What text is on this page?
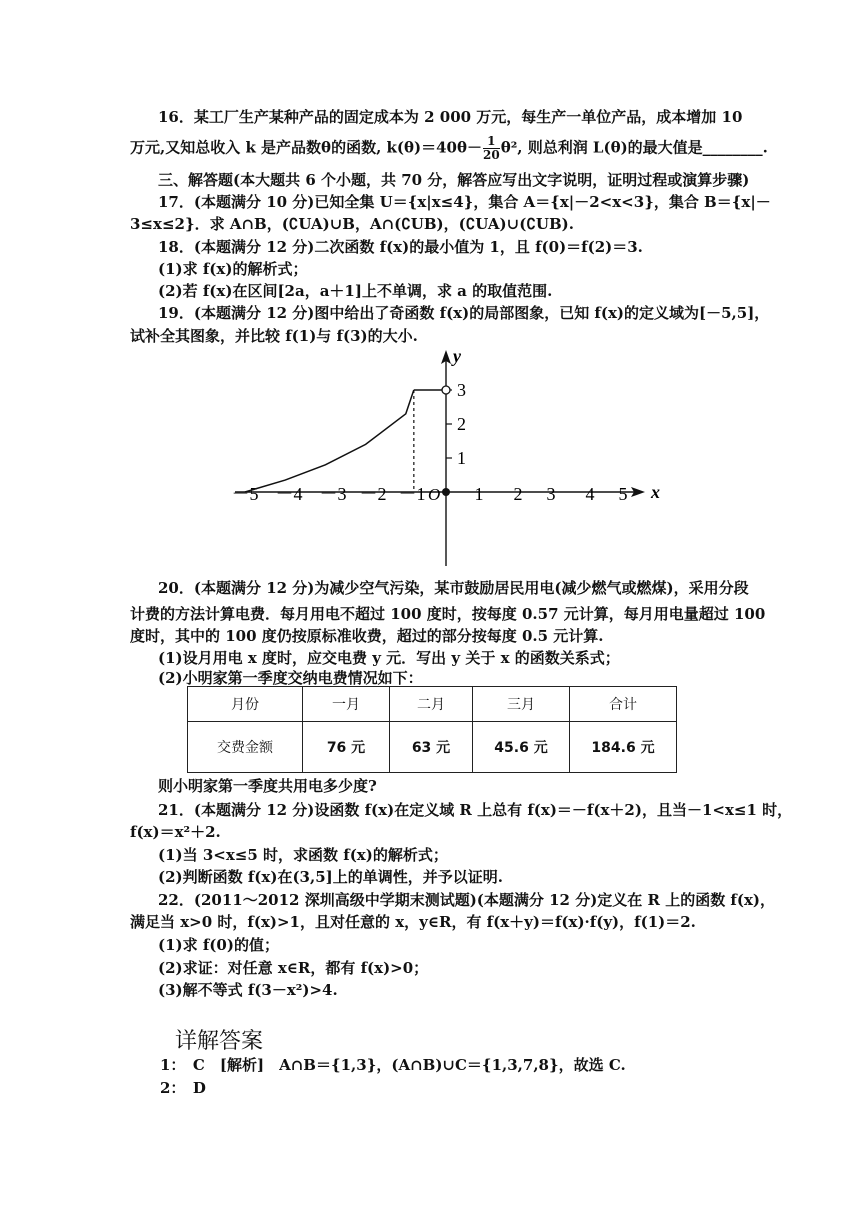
16．某工厂生产某种产品的固定成本为 2 000 万元，每生产一单位产品，成本增加 10
万元,又知总收入 k 是产品数θ的函数, $k(\theta)=40\theta- \frac{1}{20} \theta^2$, 则总利润 L(θ)的最大值是________.
三、解答题(本大题共 6 个小题，共 70 分，解答应写出文字说明，证明过程或演算步骤)
17．(本题满分 10 分)已知全集 U＝{x|x≤4}，集合 A＝{x|－2<x<3}，集合 B＝{x|－
3≤x≤2}．求 A∩B，(∁UA)∪B，A∩(∁UB)，(∁UA)∪(∁UB).
18．(本题满分 12 分)二次函数 f(x)的最小值为 1，且 f(0)＝f(2)＝3.
(1)求 f(x)的解析式；
(2)若 f(x)在区间[2a，a＋1]上不单调，求 a 的取值范围.
19．(本题满分 12 分)图中给出了奇函数 f(x)的局部图象，已知 f(x)的定义域为[－5,5]，
试补全其图象，并比较 f(1)与 f(3)的大小.
x
y
O
－5 －4 －3 －2 －1	1 2 3 4 5
1
2
3
20．(本题满分 12 分)为减少空气污染，某市鼓励居民用电(减少燃气或燃煤)，采用分段
计费的方法计算电费．每月用电不超过 100 度时，按每度 0.57 元计算，每月用电量超过 100
度时，其中的 100 度仍按原标准收费，超过的部分按每度 0.5 元计算.
(1)设月用电 x 度时，应交电费 y 元．写出 y 关于 x 的函数关系式；
(2)小明家第一季度交纳电费情况如下：
月份	一月	二月	三月	合计
交费金额	76 元	63 元	45.6 元	184.6 元
则小明家第一季度共用电多少度?
21．(本题满分 12 分)设函数 f(x)在定义域 R 上总有 f(x)＝－f(x＋2)，且当－1<x≤1 时，
f(x)＝x²＋2.
(1)当 3<x≤5 时，求函数 f(x)的解析式；
(2)判断函数 f(x)在(3,5]上的单调性，并予以证明.
22．(2011～2012 深圳高级中学期末测试题)(本题满分 12 分)定义在 R 上的函数 f(x)，
满足当 x>0 时，f(x)>1，且对任意的 x，y∈R，有 f(x＋y)＝f(x)·f(y)，f(1)＝2.
(1)求 f(0)的值；
(2)求证：对任意 x∈R，都有 f(x)>0；
(3)解不等式 f(3－x²)>4.
详解答案
1：　C　[解析]　A∩B＝{1,3}，(A∩B)∪C＝{1,3,7,8}，故选 C.
2：　D
